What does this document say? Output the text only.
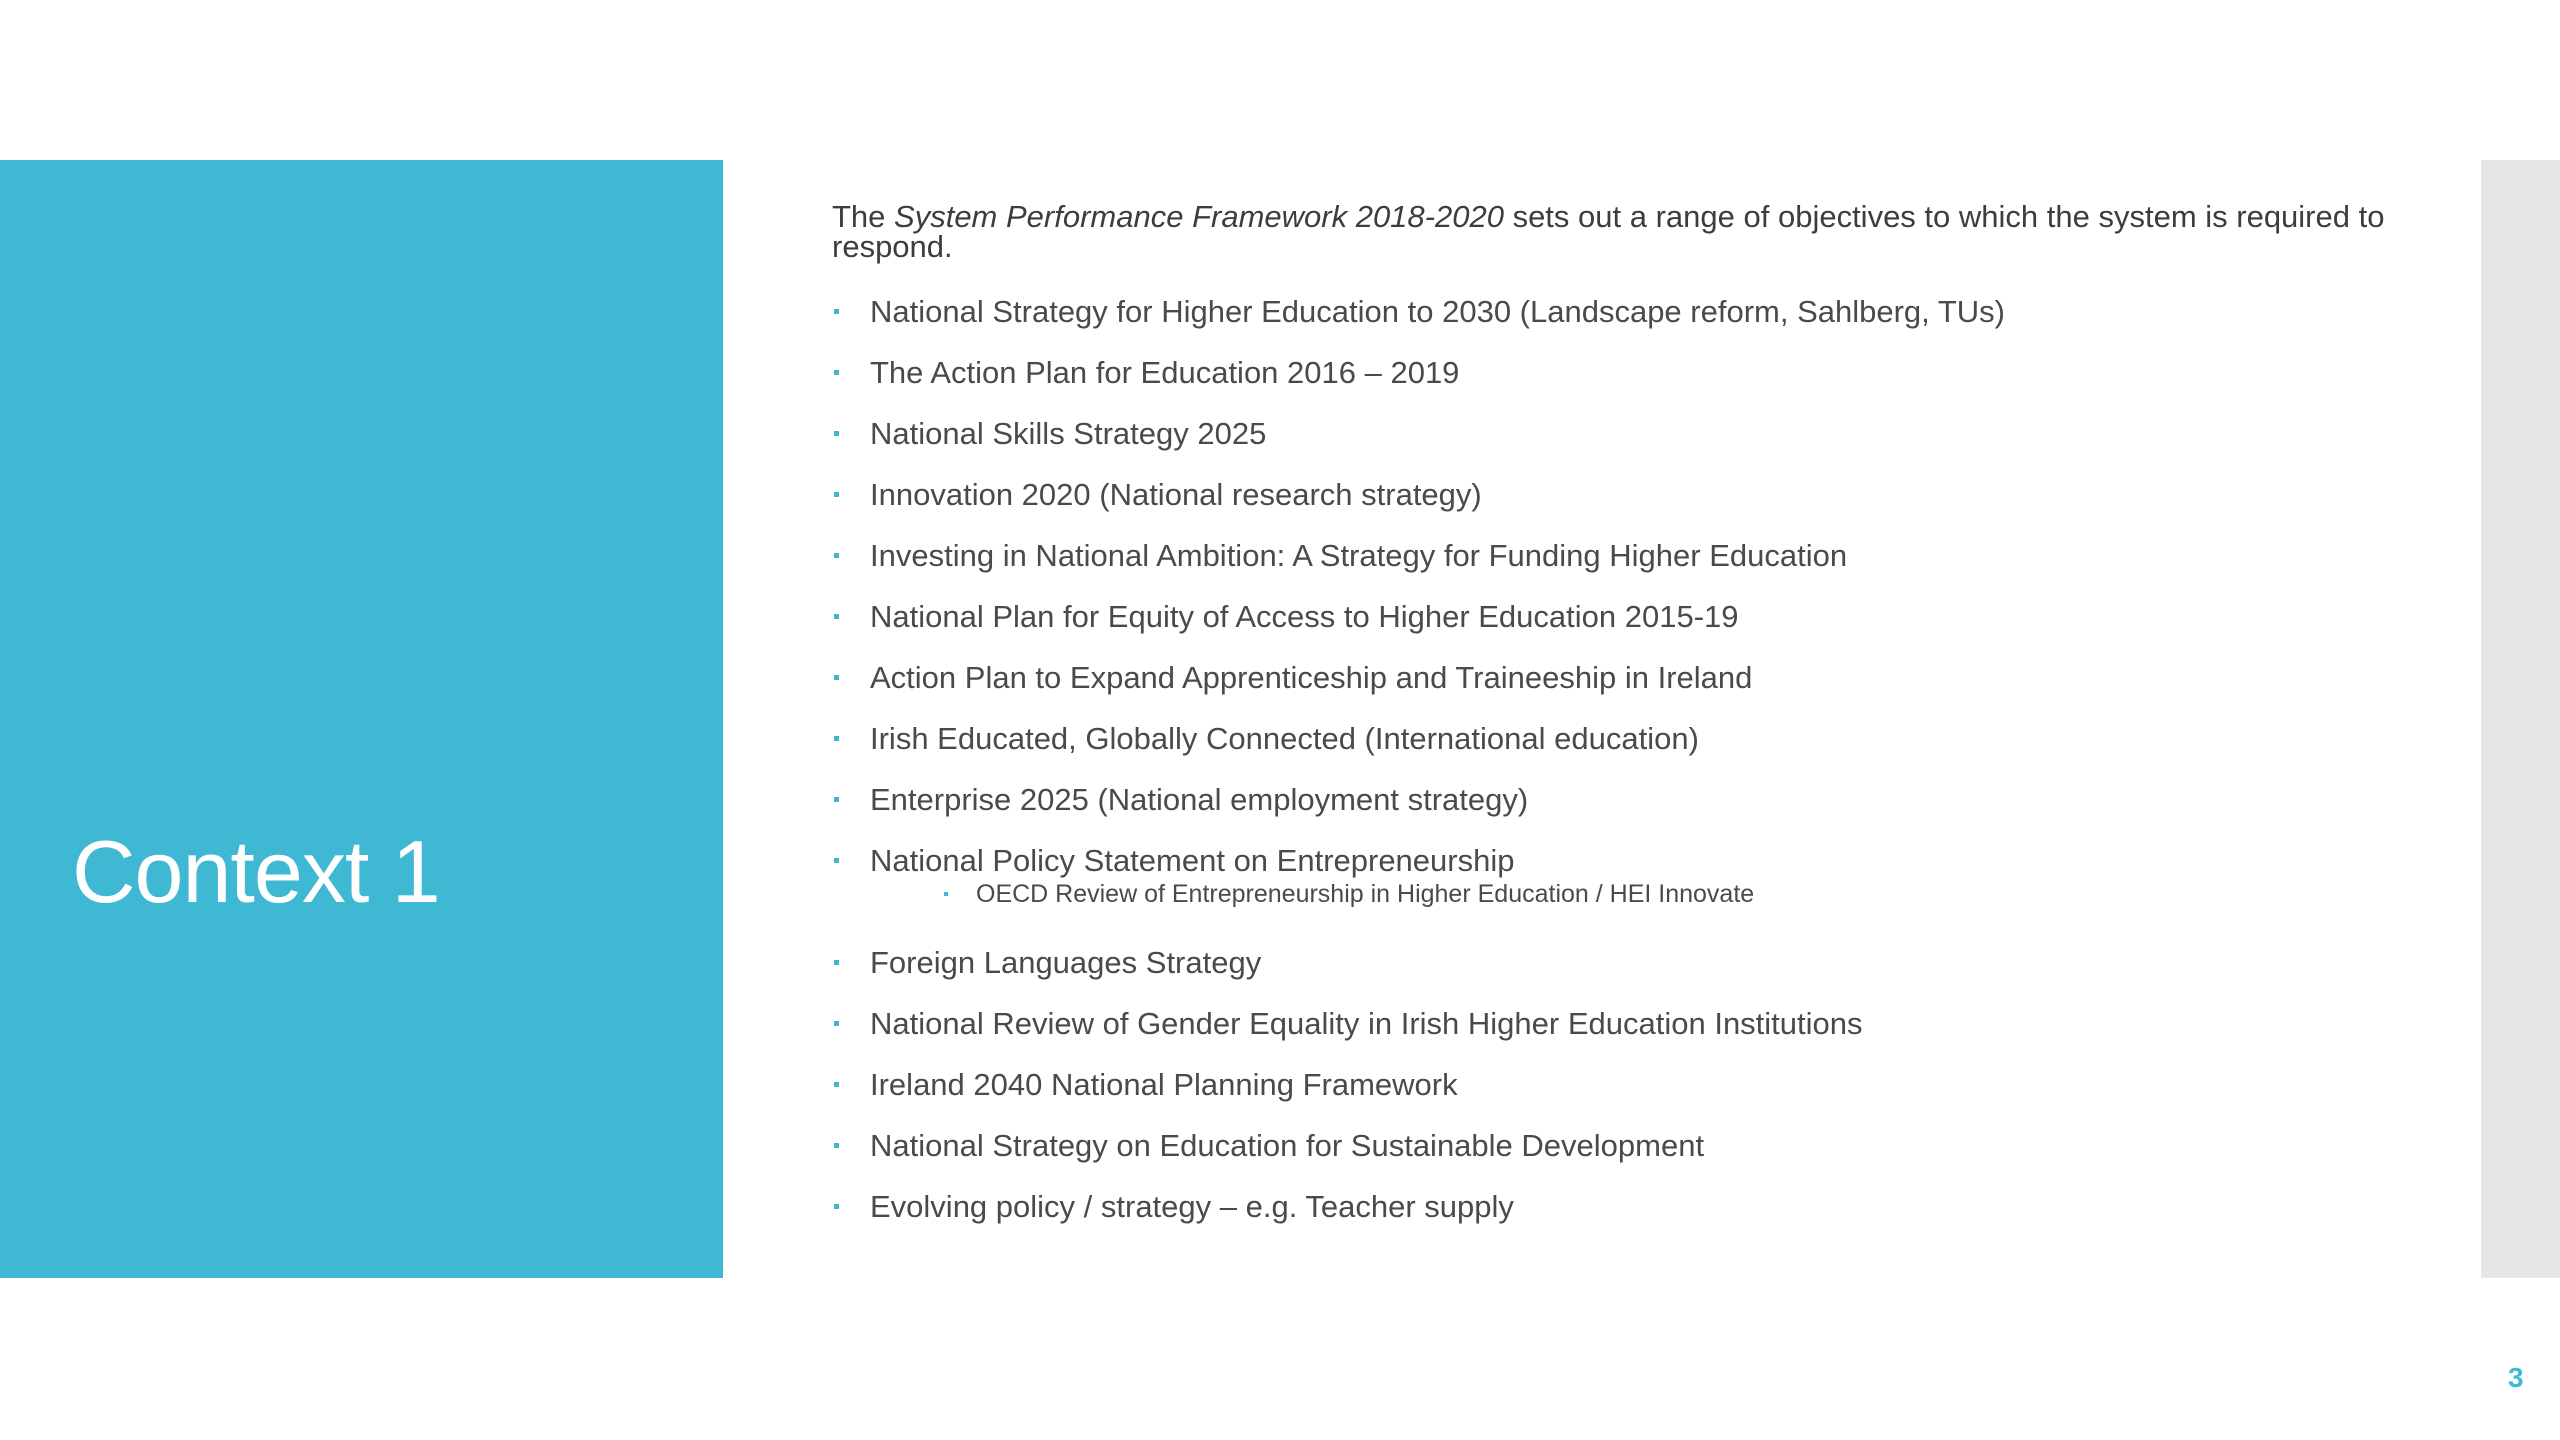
Context 1

The System Performance Framework 2018-2020 sets out a range of objectives to which the system is required to respond.

National Strategy for Higher Education to 2030 (Landscape reform, Sahlberg, TUs)
The Action Plan for Education 2016 – 2019
National Skills Strategy 2025
Innovation 2020 (National research strategy)
Investing in National Ambition: A Strategy for Funding Higher Education
National Plan for Equity of Access to Higher Education 2015-19
Action Plan to Expand Apprenticeship and Traineeship in Ireland
Irish Educated, Globally Connected (International education)
Enterprise 2025 (National employment strategy)
National Policy Statement on Entrepreneurship
OECD Review of Entrepreneurship in Higher Education / HEI Innovate
Foreign Languages Strategy
National Review of Gender Equality in Irish Higher Education Institutions
Ireland 2040 National Planning Framework
National Strategy on Education for Sustainable Development
Evolving policy / strategy – e.g. Teacher supply
3
